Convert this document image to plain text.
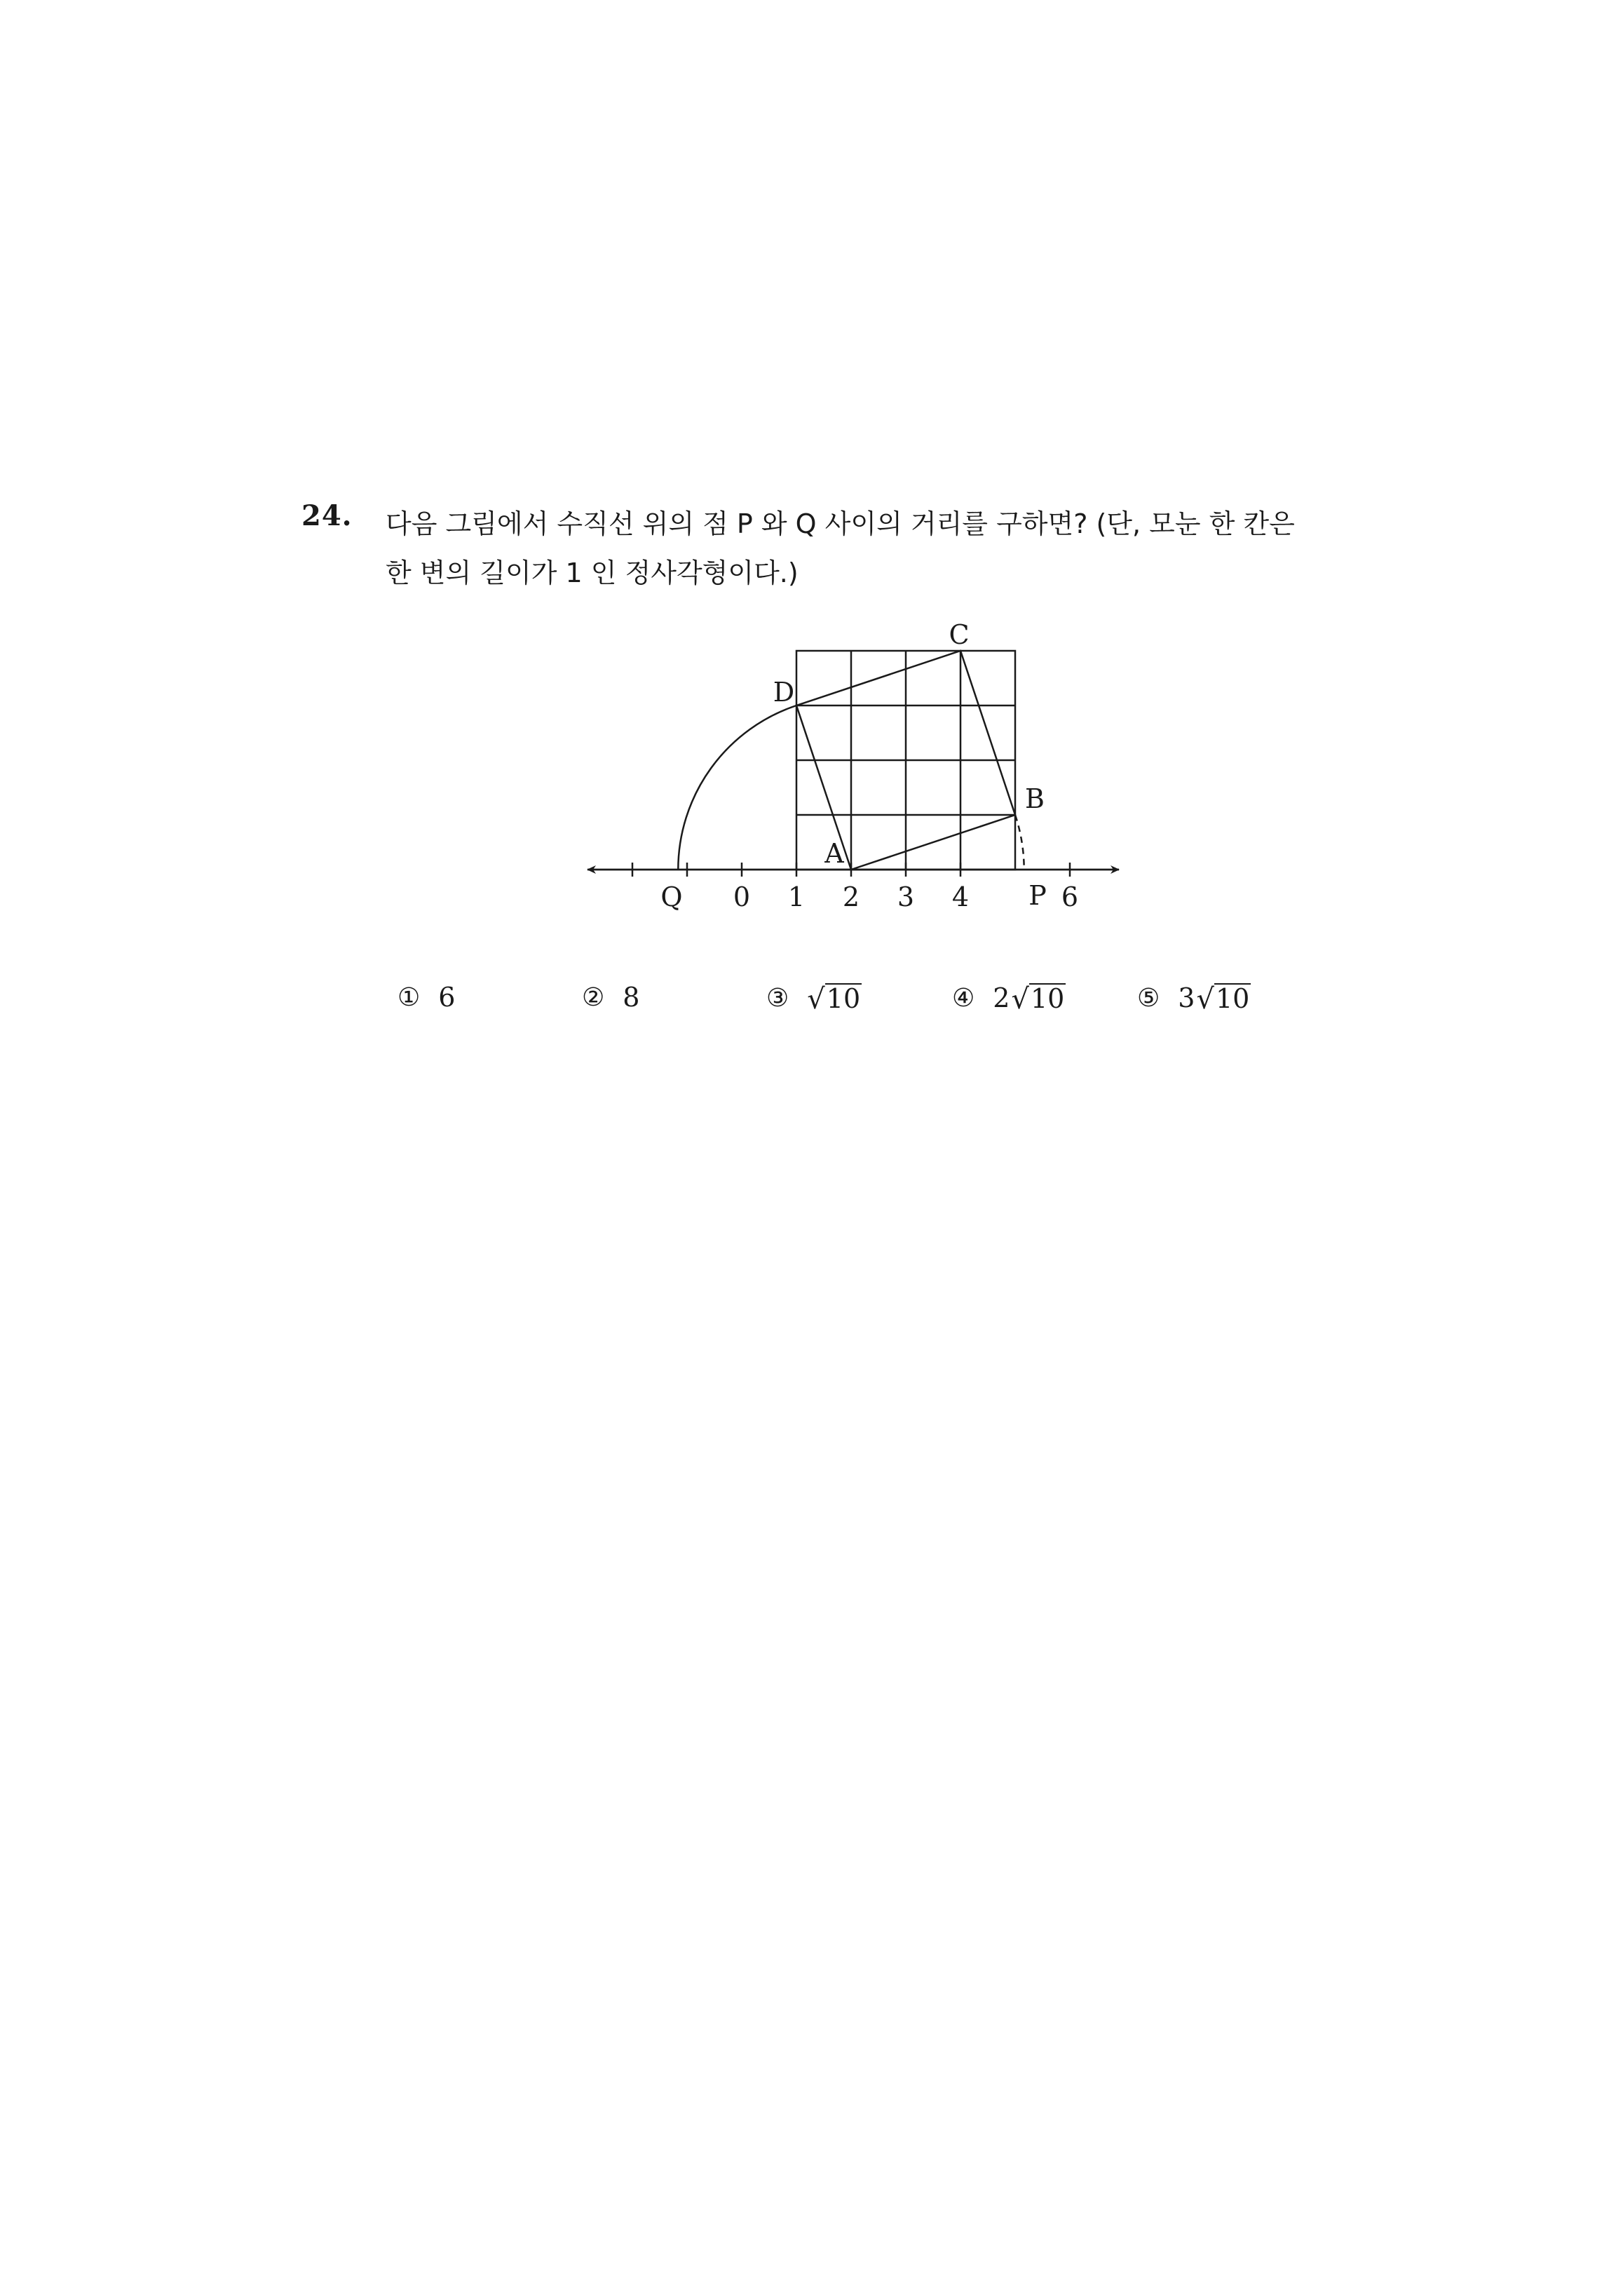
24. 다음 그림에서 수직선 위의 점 P 와 Q 사이의 거리를 구하면? (단, 모눈 한 칸은
한 변의 길이가 1 인 정사각형이다.)
0 1 2 3 4	6
Q	P
A
B
C
D
① 6	② 8	③ √ 10	④ 2 √ 10	⑤ 3 √ 10
